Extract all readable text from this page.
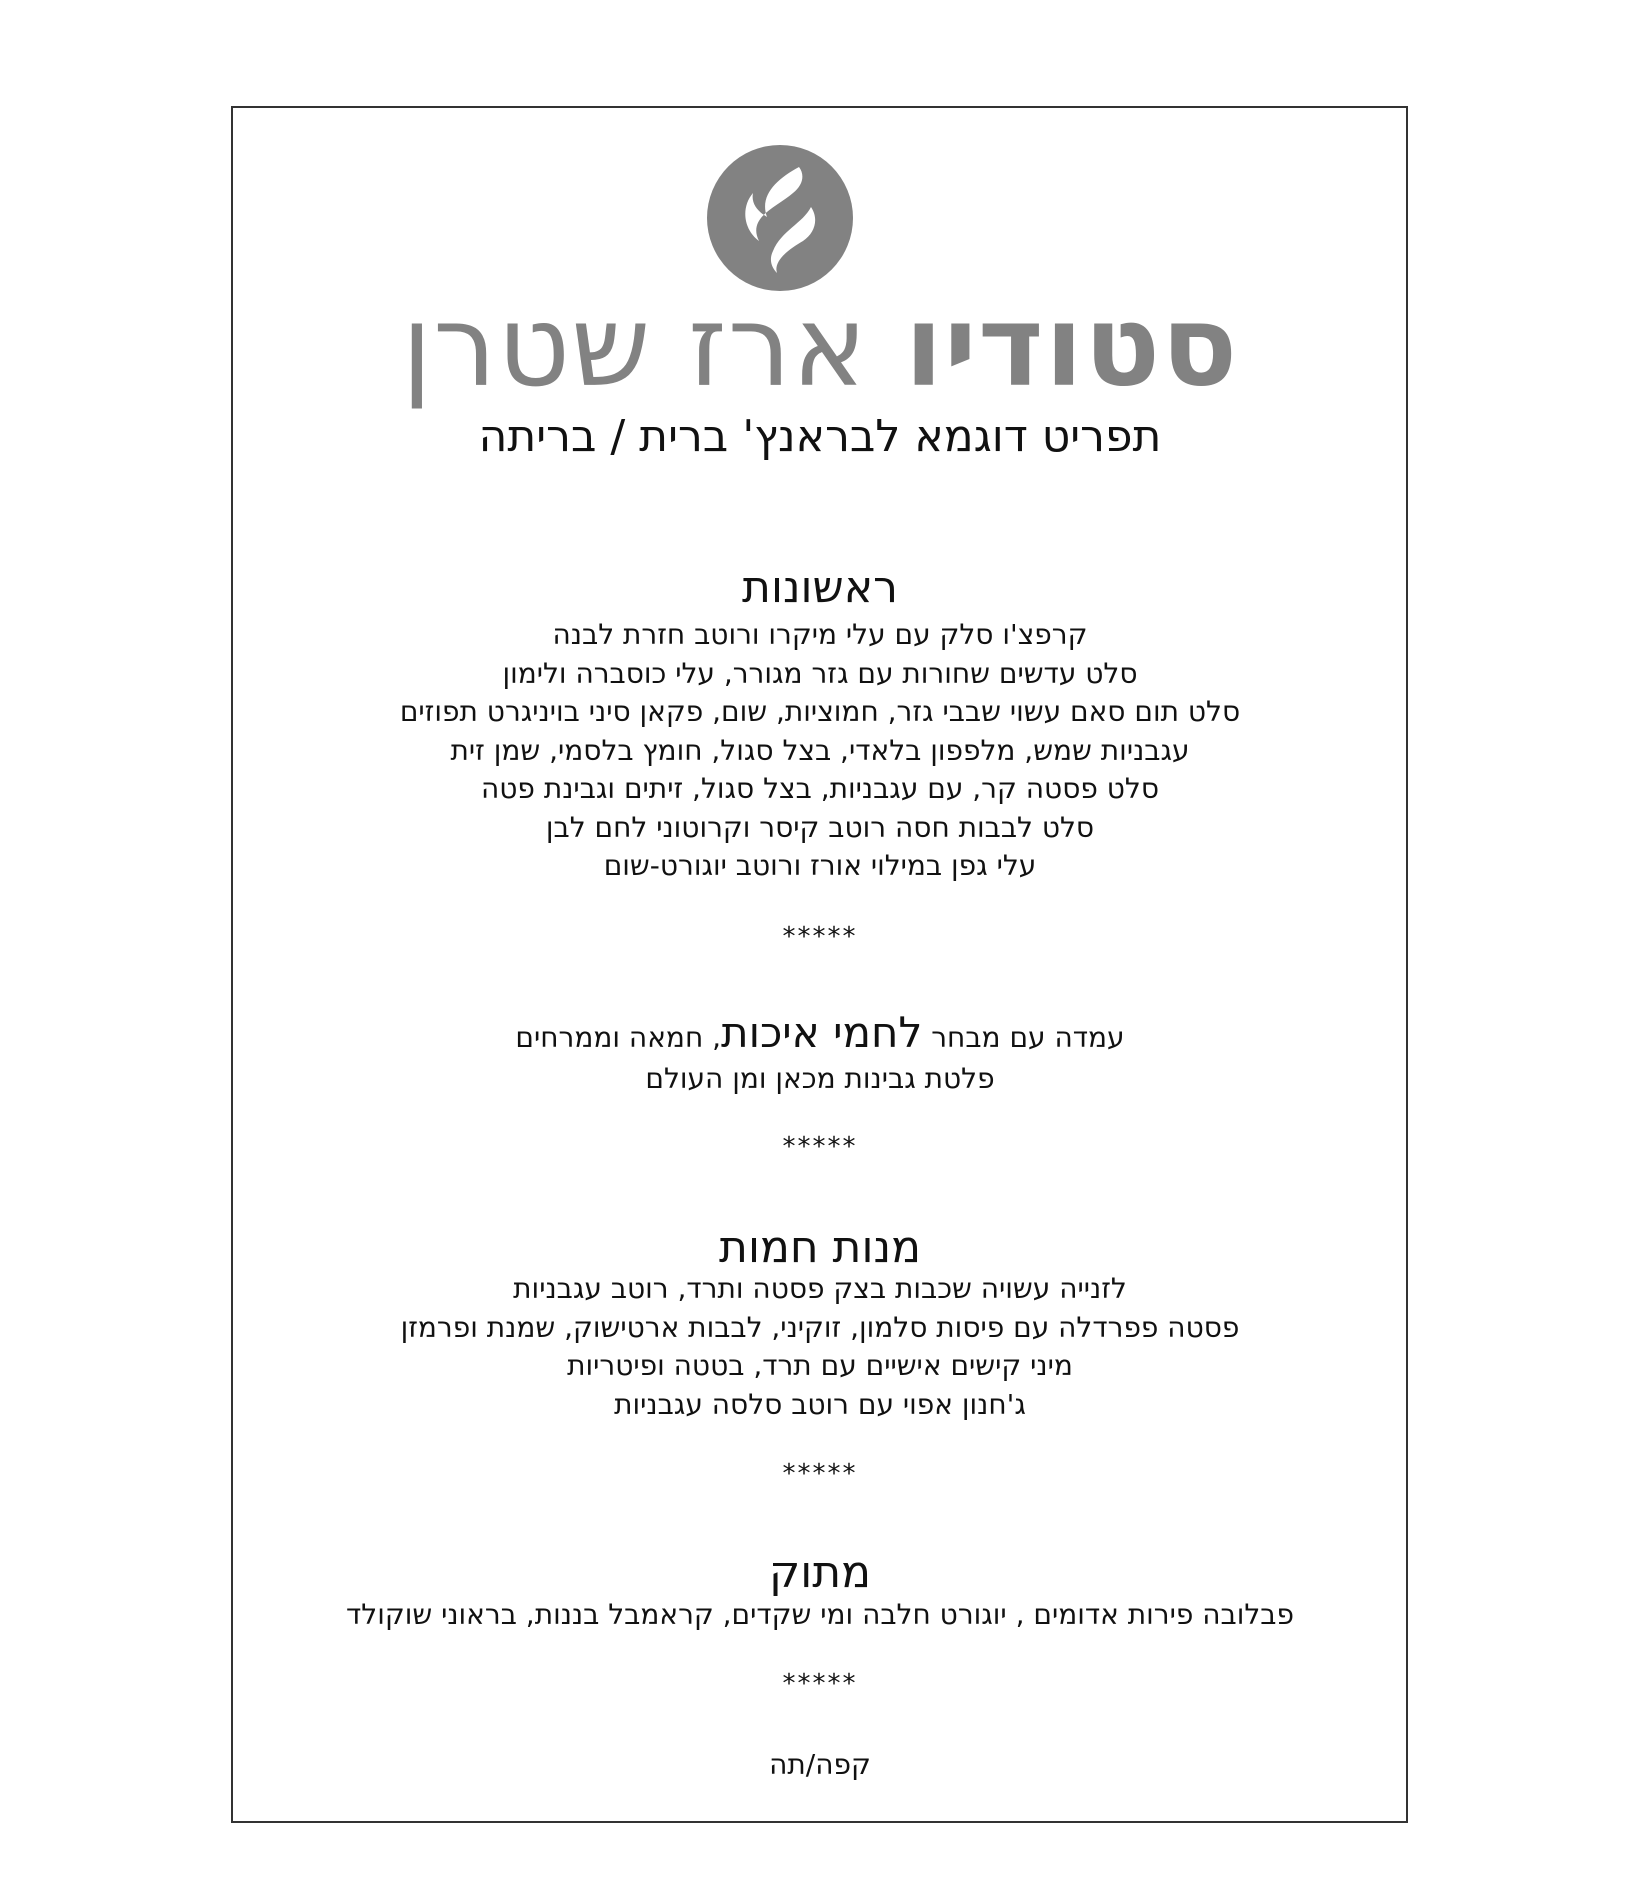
סטודיו ארז שטרן
תפריט דוגמא לבראנץ' ברית / בריתה
ראשונות
קרפצ'ו סלק עם עלי מיקרו ורוטב חזרת לבנה
סלט עדשים שחורות עם גזר מגורר, עלי כוסברה ולימון
סלט תום סאם עשוי שבבי גזר, חמוציות, שום, פקאן סיני בויניגרט תפוזים
עגבניות שמש, מלפפון בלאדי, בצל סגול, חומץ בלסמי, שמן זית
סלט פסטה קר, עם עגבניות, בצל סגול, זיתים וגבינת פטה
סלט לבבות חסה רוטב קיסר וקרוטוני לחם לבן
עלי גפן במילוי אורז ורוטב יוגורט-שום
*****
עמדה עם מבחר לחמי איכות, חמאה וממרחים
פלטת גבינות מכאן ומן העולם
*****
מנות חמות
לזנייה עשויה שכבות בצק פסטה ותרד, רוטב עגבניות
פסטה פפרדלה עם פיסות סלמון, זוקיני, לבבות ארטישוק, שמנת ופרמזן
מיני קישים אישיים עם תרד, בטטה ופיטריות
ג'חנון אפוי עם רוטב סלסה עגבניות
*****
מתוק
פבלובה פירות אדומים , יוגורט חלבה ומי שקדים, קראמבל בננות, בראוני שוקולד
*****
קפה/תה
